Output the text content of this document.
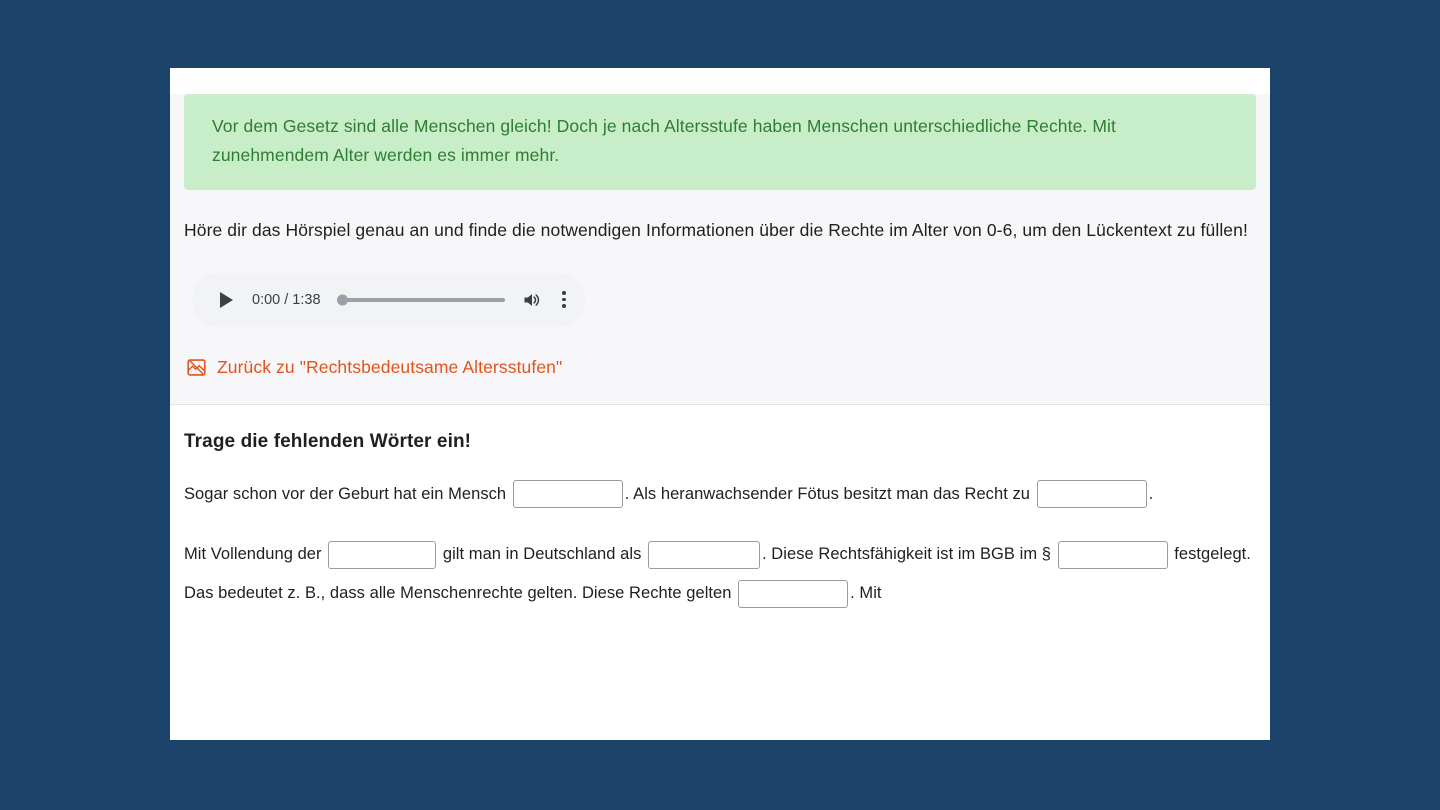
Vor dem Gesetz sind alle Menschen gleich! Doch je nach Altersstufe haben Menschen unterschiedliche Rechte. Mit zunehmendem Alter werden es immer mehr.

Höre dir das Hörspiel genau an und finde die notwendigen Informationen über die Rechte im Alter von 0-6, um den Lückentext zu füllen!
0:00 / 1:38
Zurück zu "Rechtsbedeutsame Altersstufen"
Trage die fehlenden Wörter ein!

Sogar schon vor der Geburt hat ein Mensch	. Als heranwachsender Fötus besitzt man das Recht zu	.

Mit Vollendung der	gilt man in Deutschland als	. Diese Rechtsfähigkeit ist im BGB im §	festgelegt. Das bedeutet z. B., dass alle Menschenrechte gelten. Diese Rechte gelten	. Mit
